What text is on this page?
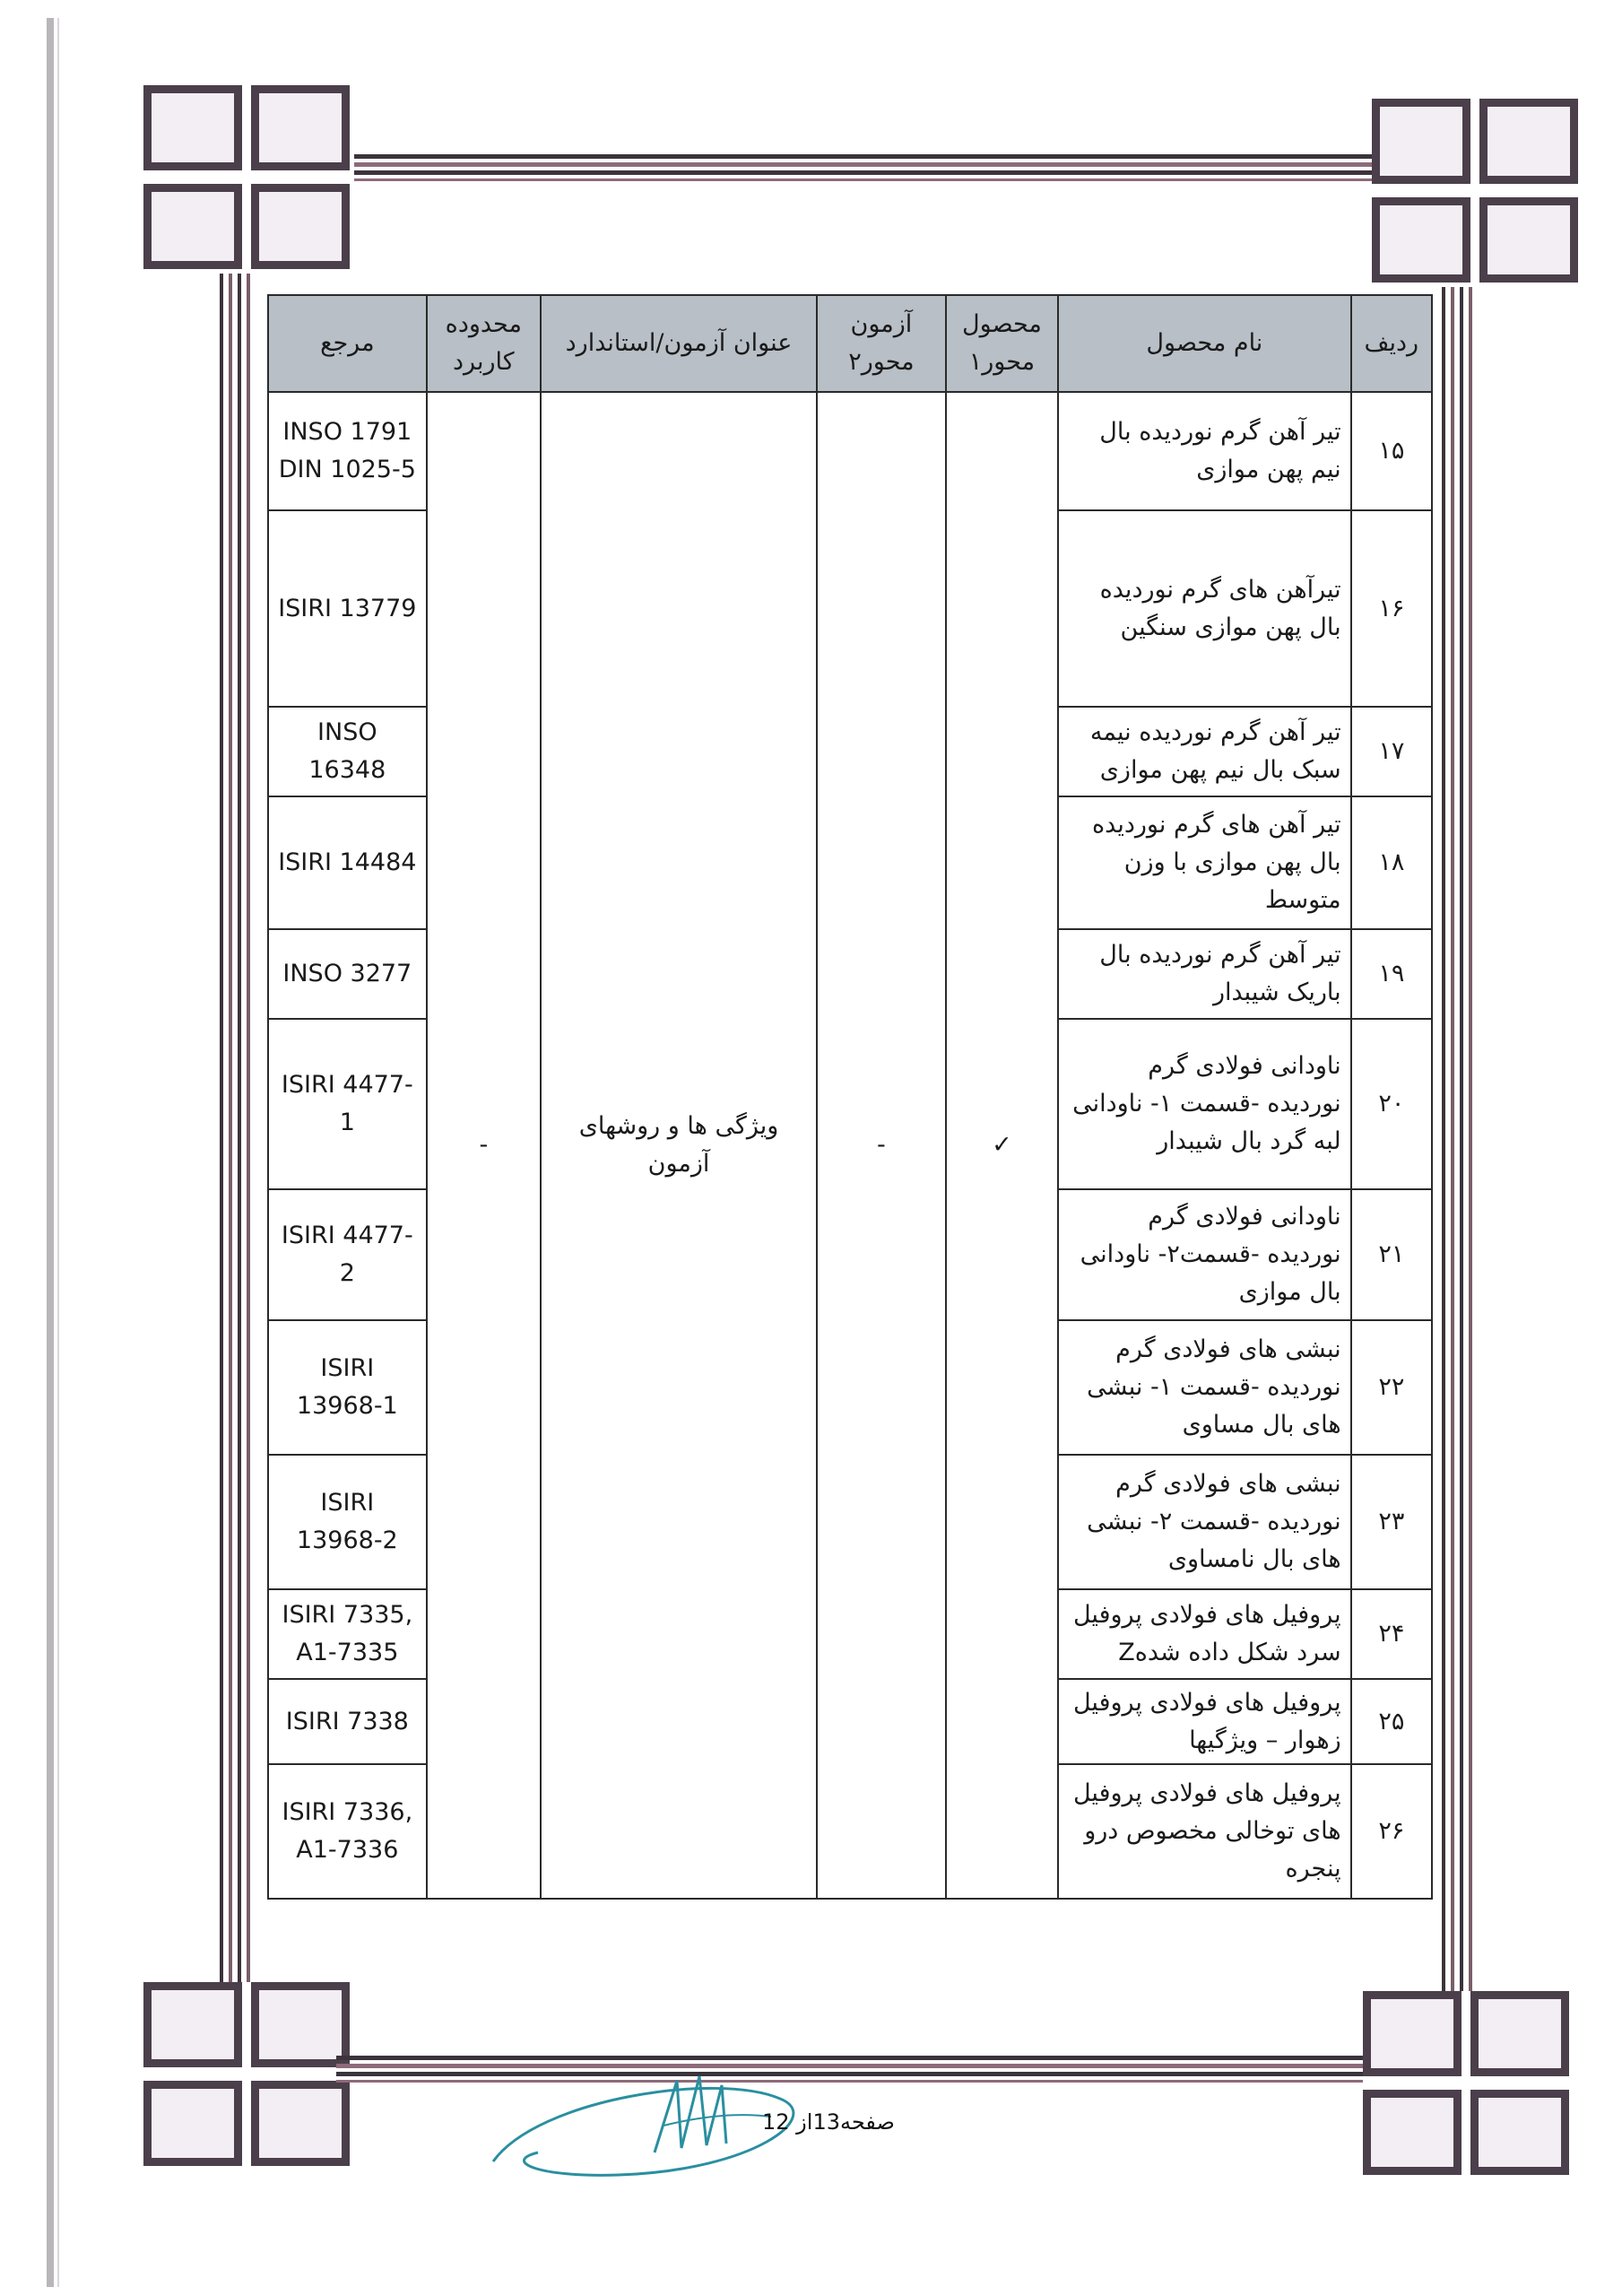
ردیف	نام محصول	محصول محور۱	آزمون محور۲	عنوان آزمون/استاندارد	محدوده کاربرد	مرجع
۱۵	تیر آهن گرم نوردیده بال نیم پهن موازی	✓	-	ویژگی ها و روشهای آزمون	-	INSO 1791 DIN 1025-5
۱۶	تیرآهن های گرم نوردیده بال پهن موازی سنگین					ISIRI 13779
۱۷	تیر آهن گرم نوردیده نیمه سبک بال نیم پهن موازی					INSO 16348
۱۸	تیر آهن های گرم نوردیده بال پهن موازی با وزن متوسط					ISIRI 14484
۱۹	تیر آهن گرم نوردیده بال باریک شیبدار					INSO 3277
۲۰	ناودانی فولادی گرم نوردیده -قسمت ۱- ناودانی لبه گرد بال شیبدار					ISIRI 4477-1
۲۱	ناودانی فولادی گرم نوردیده -قسمت۲- ناودانی بال موازی					ISIRI 4477-2
۲۲	نبشی های فولادی گرم نوردیده -قسمت ۱- نبشی های بال مساوی					ISIRI 13968-1
۲۳	نبشی های فولادی گرم نوردیده -قسمت ۲- نبشی های بال نامساوی					ISIRI 13968-2
۲۴	پروفیل های فولادی پروفیل سرد شکل داده شدهZ					ISIRI 7335, A1-7335
۲۵	پروفیل های فولادی پروفیل زهوار – ویژگیها					ISIRI 7338
۲۶	پروفیل های فولادی پروفیل های توخالی مخصوص درو پنجره					ISIRI 7336, A1-7336
صفحه13از 12
